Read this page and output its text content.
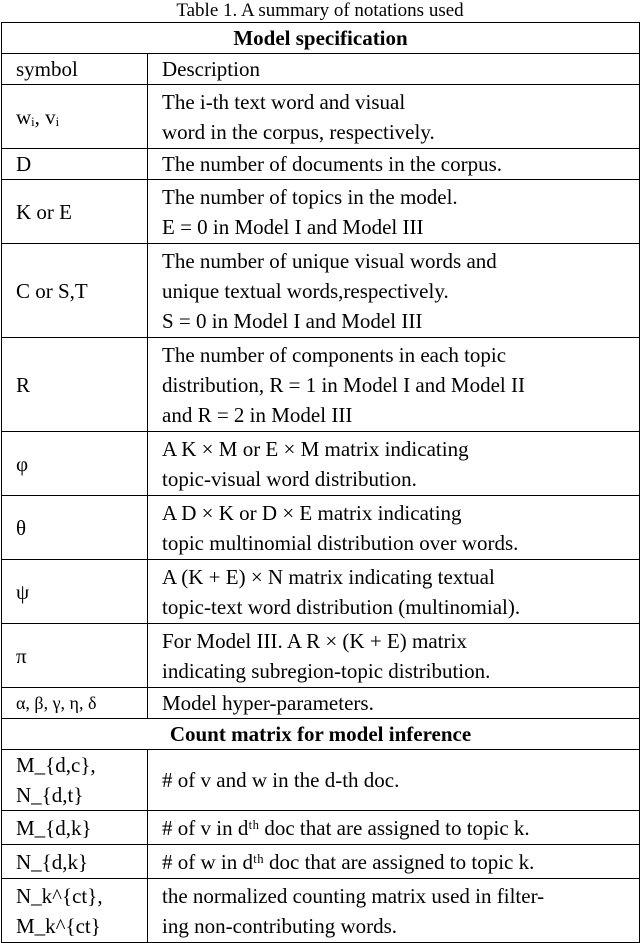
Table 1. A summary of notations used
Model specification	
symbol	Description
wᵢ, vᵢ	The i-th text word and visual
word in the corpus, respectively.

D	The number of documents in the corpus.

K or E	The number of topics in the model.
E = 0 in Model I and Model III

C or S,T	The number of unique visual words and
unique textual words,respectively.
S = 0 in Model I and Model III

R	The number of components in each topic
distribution, R = 1 in Model I and Model II
and R = 2 in Model III

φ	A K × M or E × M matrix indicating
topic-visual word distribution.

θ	A D × K or D × E matrix indicating
topic multinomial distribution over words.

ψ	A (K + E) × N matrix indicating textual
topic-text word distribution (multinomial).

π	For Model III. A R × (K + E) matrix
indicating subregion-topic distribution.

α, β, γ, η, δ	Model hyper-parameters.

Count matrix for model inference	
M_{d,c}, N_{d,t}	# of v and w in the d-th doc.

M_{d,k}	# of v in dᵗʰ doc that are assigned to topic k.

N_{d,k}	# of w in dᵗʰ doc that are assigned to topic k.

N_k^{ct}, M_k^{ct}	the normalized counting matrix used in filter-
ing non-contributing words.
